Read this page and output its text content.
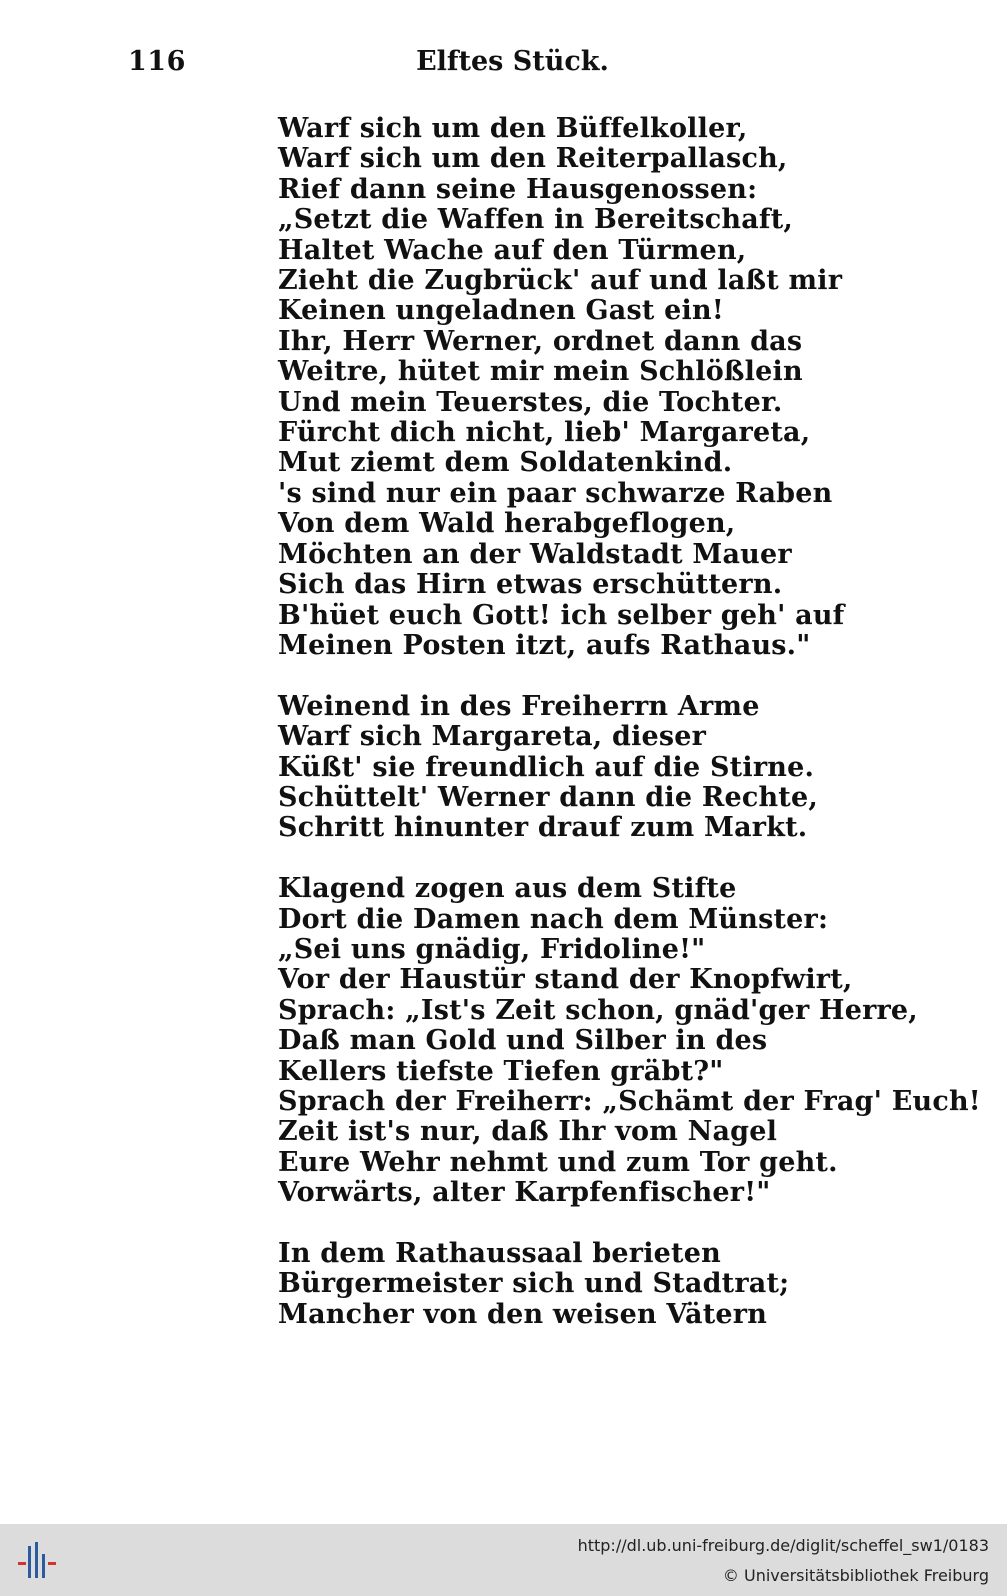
116	Elftes Stück.
Warf sich um den Büffelkoller,
Warf sich um den Reiterpallasch,
Rief dann seine Hausgenossen:
„Setzt die Waffen in Bereitschaft,
Haltet Wache auf den Türmen,
Zieht die Zugbrück' auf und laßt mir
Keinen ungeladnen Gast ein!
Ihr, Herr Werner, ordnet dann das
Weitre, hütet mir mein Schlößlein
Und mein Teuerstes, die Tochter.
Fürcht dich nicht, lieb' Margareta,
Mut ziemt dem Soldatenkind.
's sind nur ein paar schwarze Raben
Von dem Wald herabgeflogen,
Möchten an der Waldstadt Mauer
Sich das Hirn etwas erschüttern.
B'hüet euch Gott! ich selber geh' auf
Meinen Posten itzt, aufs Rathaus."
Weinend in des Freiherrn Arme
Warf sich Margareta, dieser
Küßt' sie freundlich auf die Stirne.
Schüttelt' Werner dann die Rechte,
Schritt hinunter drauf zum Markt.
Klagend zogen aus dem Stifte
Dort die Damen nach dem Münster:
„Sei uns gnädig, Fridoline!"
Vor der Haustür stand der Knopfwirt,
Sprach: „Ist's Zeit schon, gnäd'ger Herre,
Daß man Gold und Silber in des
Kellers tiefste Tiefen gräbt?"
Sprach der Freiherr: „Schämt der Frag' Euch!
Zeit ist's nur, daß Ihr vom Nagel
Eure Wehr nehmt und zum Tor geht.
Vorwärts, alter Karpfenfischer!"
In dem Rathaussaal berieten
Bürgermeister sich und Stadtrat;
Mancher von den weisen Vätern
http://dl.ub.uni-freiburg.de/diglit/scheffel_sw1/0183
© Universitätsbibliothek Freiburg
